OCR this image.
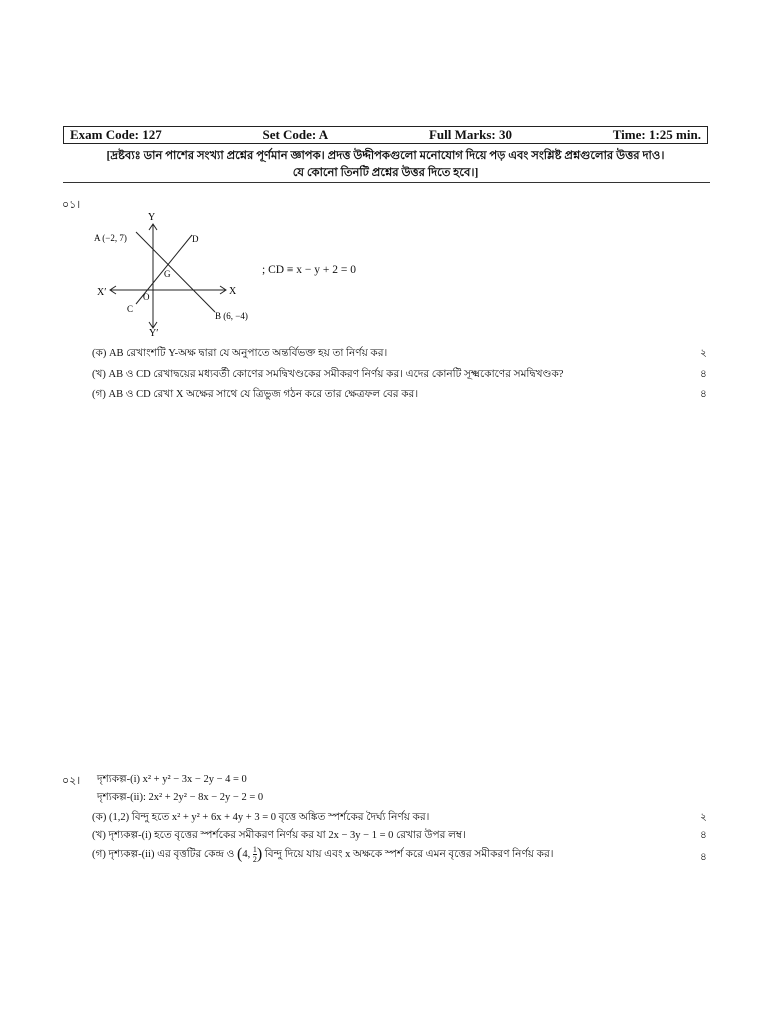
Exam Code: 127	Set Code: A	Full Marks: 30	Time: 1:25 min.
[দ্রষ্টব্যঃ ডান পাশের সংখ্যা প্রশ্নের পূর্ণমান জ্ঞাপক। প্রদত্ত উদ্দীপকগুলো মনোযোগ দিয়ে পড় এবং সংশ্লিষ্ট প্রশ্নগুলোর উত্তর দাও।
যে কোনো তিনটি প্রশ্নের উত্তর দিতে হবে।]
০১।
Y
Y′
X
X′
A (−2, 7)	D
G
O
C
B (6, −4)
; CD ≡ x − y + 2 = 0
(ক) AB রেখাংশটি Y-অক্ষ দ্বারা যে অনুপাতে অন্তর্বিভক্ত হয় তা নির্ণয় কর।	২
(খ) AB ও CD রেখাদ্বয়ের মধ্যবর্তী কোণের সমদ্বিখণ্ডকের সমীকরণ নির্ণয় কর। এদের কোনটি সূক্ষ্মকোণের সমদ্বিখণ্ডক?	৪
(গ) AB ও CD রেখা X অক্ষের সাথে যে ত্রিভুজ গঠন করে তার ক্ষেত্রফল বের কর।	৪
০২। দৃশ্যকল্প-(i) x² + y² − 3x − 2y − 4 = 0
দৃশ্যকল্প-(ii): 2x² + 2y² − 8x − 2y − 2 = 0
(ক) (1,2) বিন্দু হতে x² + y² + 6x + 4y + 3 = 0 বৃত্তে অঙ্কিত স্পর্শকের দৈর্ঘ্য নির্ণয় কর।	২
(খ) দৃশ্যকল্প-(i) হতে বৃত্তের স্পর্শকের সমীকরণ নির্ণয় কর যা 2x − 3y − 1 = 0 রেখার উপর লম্ব।	৪
(গ) দৃশ্যকল্প-(ii) এর বৃত্তটির কেন্দ্র ও (4, $\frac{1}{2}$ ) বিন্দু দিয়ে যায় এবং x অক্ষকে স্পর্শ করে এমন বৃত্তের সমীকরণ নির্ণয় কর।	৪
